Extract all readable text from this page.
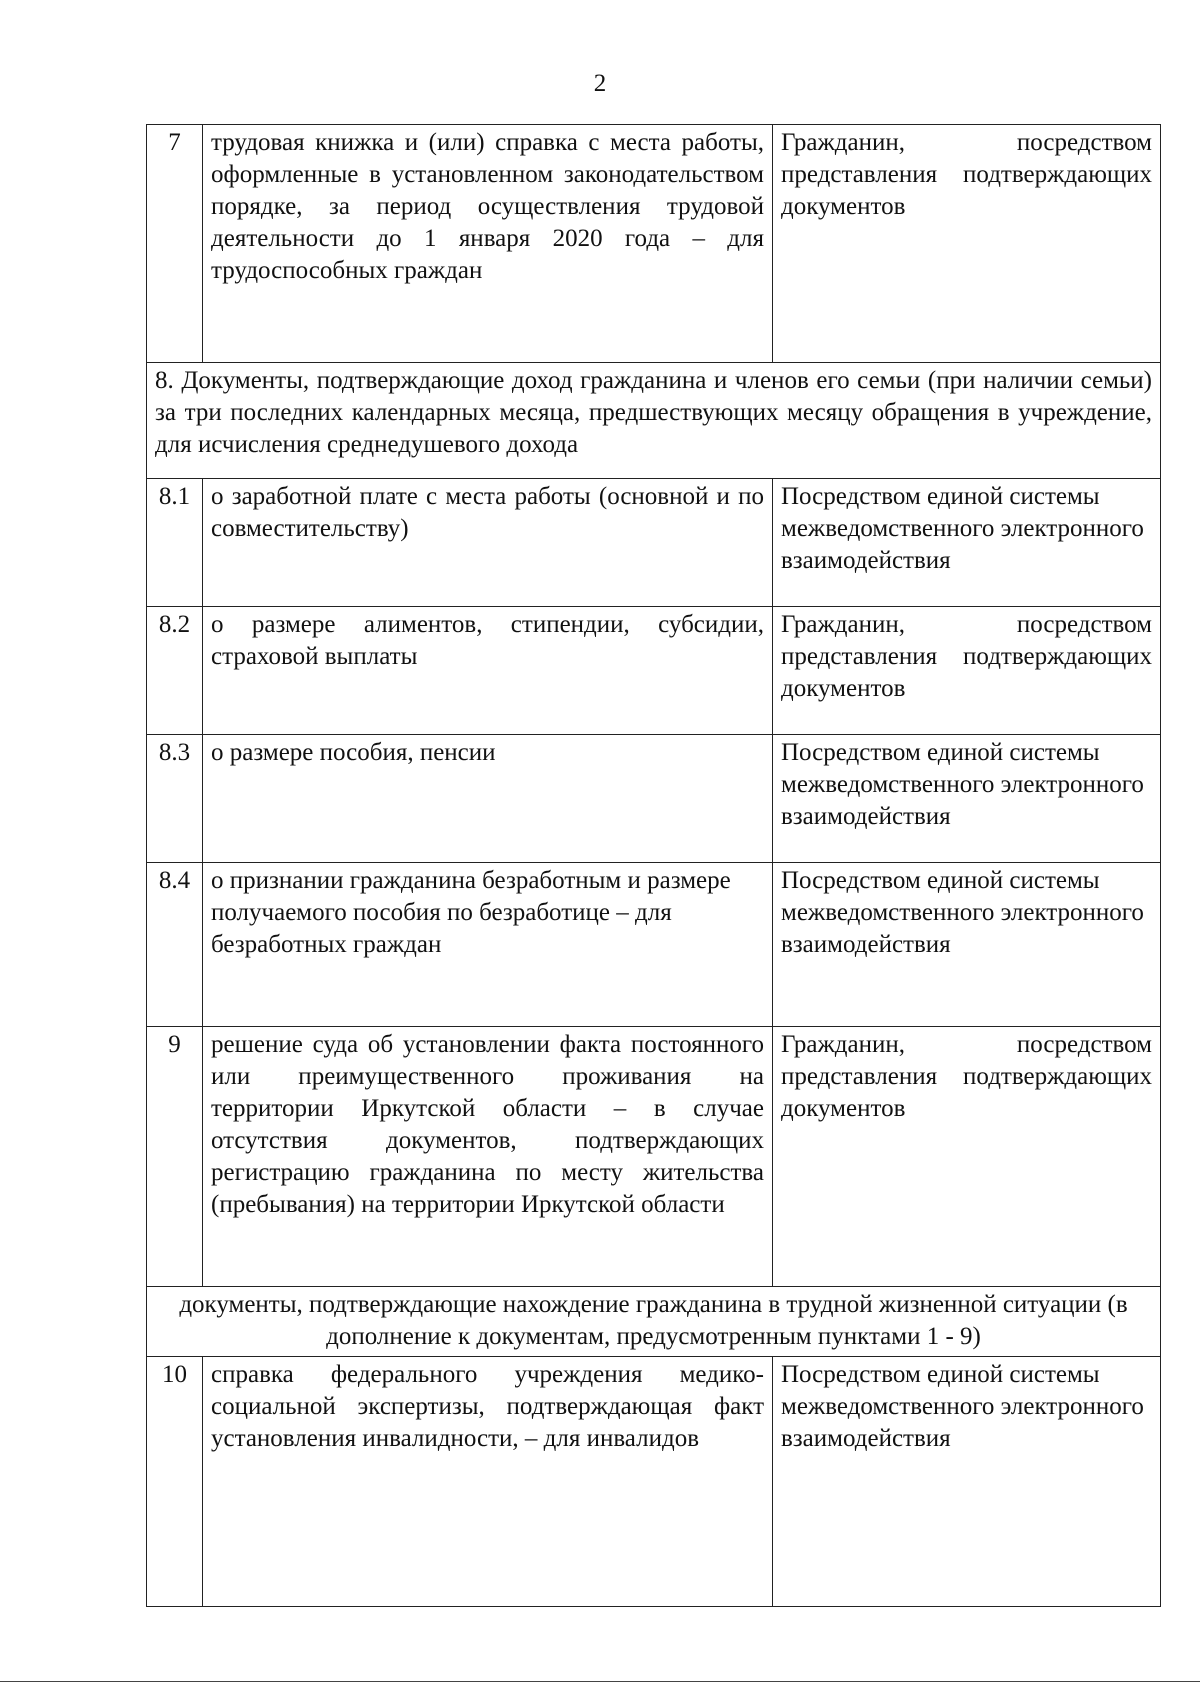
2
7	трудовая книжка и (или) справка с места работы, оформленные в установленном законодательством порядке, за период осуществления трудовой деятельности до 1 января 2020 года – для трудоспособных граждан	Гражданин, посредством представления подтверждающих документов
8. Документы, подтверждающие доход гражданина и членов его семьи (при наличии семьи) за три последних календарных месяца, предшествующих месяцу обращения в учреждение, для исчисления среднедушевого дохода		
8.1	о заработной плате с места работы (основной и по совместительству)	Посредством единой системы межведомственного электронного взаимодействия
8.2	о размере алиментов, стипендии, субсидии, страховой выплаты	Гражданин, посредством представления подтверждающих документов
8.3	о размере пособия, пенсии	Посредством единой системы межведомственного электронного взаимодействия
8.4	о признании гражданина безработным и размере получаемого пособия по безработице – для безработных граждан	Посредством единой системы межведомственного электронного взаимодействия
9	решение суда об установлении факта постоянного или преимущественного проживания на территории Иркутской области – в случае отсутствия документов, подтверждающих регистрацию гражданина по месту жительства (пребывания) на территории Иркутской области	Гражданин, посредством представления подтверждающих документов
документы, подтверждающие нахождение гражданина в трудной жизненной ситуации (в дополнение к документам, предусмотренным пунктами 1 - 9)		
10	справка федерального учреждения медико-социальной экспертизы, подтверждающая факт установления инвалидности, – для инвалидов	Посредством единой системы межведомственного электронного взаимодействия
